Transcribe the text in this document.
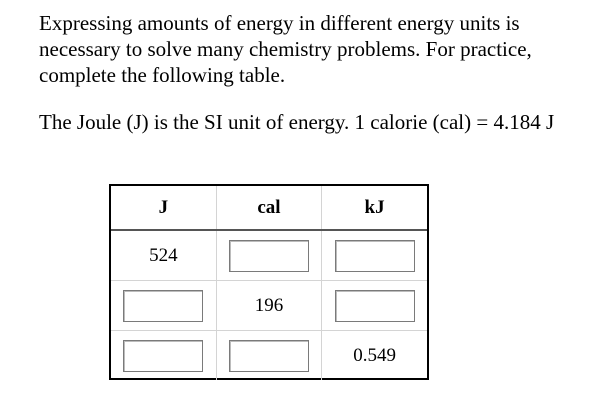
Expressing amounts of energy in different energy units is necessary to solve many chemistry problems. For practice, complete the following table.

The Joule (J) is the SI unit of energy. 1 calorie (cal) = 4.184 J

J	cal	kJ
524		
	196	
		0.549
